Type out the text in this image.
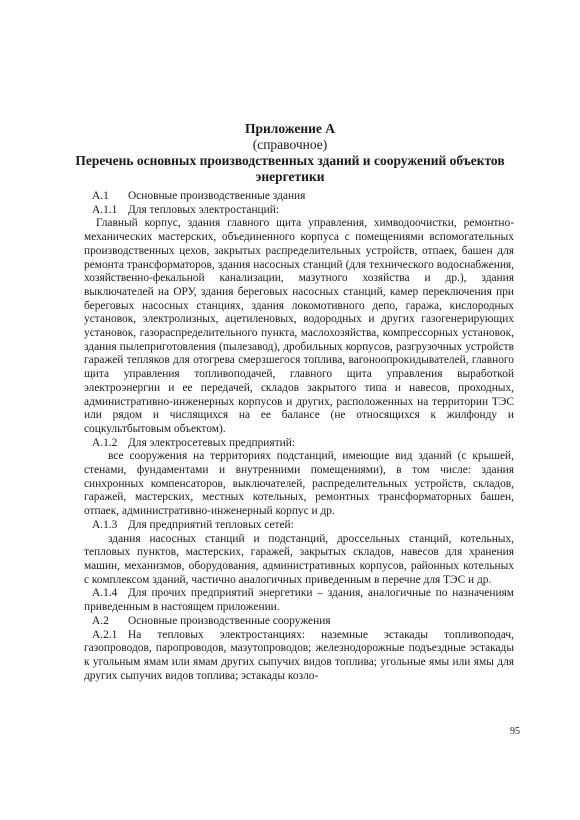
Приложение А

(справочное)

Перечень основных производственных зданий и сооружений объектов энергетики

А.1 Основные производственные здания

А.1.1 Для тепловых электростанций:

Главный корпус, здания главного щита управления, химводоочистки, ремонтно-механических мастерских, объединенного корпуса с помещениями вспомогательных производственных цехов, закрытых распределительных устройств, отпаек, башен для ремонта трансформаторов, здания насосных станций (для технического водоснабжения, хозяйственно-фекальной канализации, мазутного хозяйства и др.), здания выключателей на ОРУ, здания береговых насосных станций, камер переключения при береговых насосных станциях, здания локомотивного депо, гаража, кислородных установок, электролизных, ацетиленовых, водородных и других газогенерирующих установок, газораспределительного пункта, маслохозяйства, компрессорных установок, здания пылеприготовления (пылезавод), дробильных корпусов, разгрузочных устройств гаражей тепляков для отогрева смерзшегося топлива, вагоноопрокидывателей, главного щита управления топливоподачей, главного щита управления выработкой электроэнергии и ее передачей, складов закрытого типа и навесов, проходных, административно-инженерных корпусов и других, расположенных на территории ТЭС или рядом и числящихся на ее балансе (не относящихся к жилфонду и соцкультбытовым объектом).

А.1.2 Для электросетевых предприятий:

все сооружения на территориях подстанций, имеющие вид зданий (с крышей, стенами, фундаментами и внутренними помещениями), в том числе: здания синхронных компенсаторов, выключателей, распределительных устройств, складов, гаражей, мастерских, местных котельных, ремонтных трансформаторных башен, отпаек, административно-инженерный корпус и др.

А.1.3 Для предприятий тепловых сетей:

здания насосных станций и подстанций, дроссельных станций, котельных, тепловых пунктов, мастерских, гаражей, закрытых складов, навесов для хранения машин, механизмов, оборудования, административных корпусов, районных котельных с комплексом зданий, частично аналогичных приведенным в перечне для ТЭС и др.

А.1.4 Для прочих предприятий энергетики – здания, аналогичные по назначениям приведенным в настоящем приложении.

А.2 Основные производственные сооружения

А.2.1 На тепловых электростанциях: наземные эстакады топливоподач, газопроводов, паропроводов, мазутопроводов; железнодорожные подъездные эстакады к угольным ямам или ямам других сыпучих видов топлива; угольные ямы или ямы для других сыпучих видов топлива; эстакады козло-

95
